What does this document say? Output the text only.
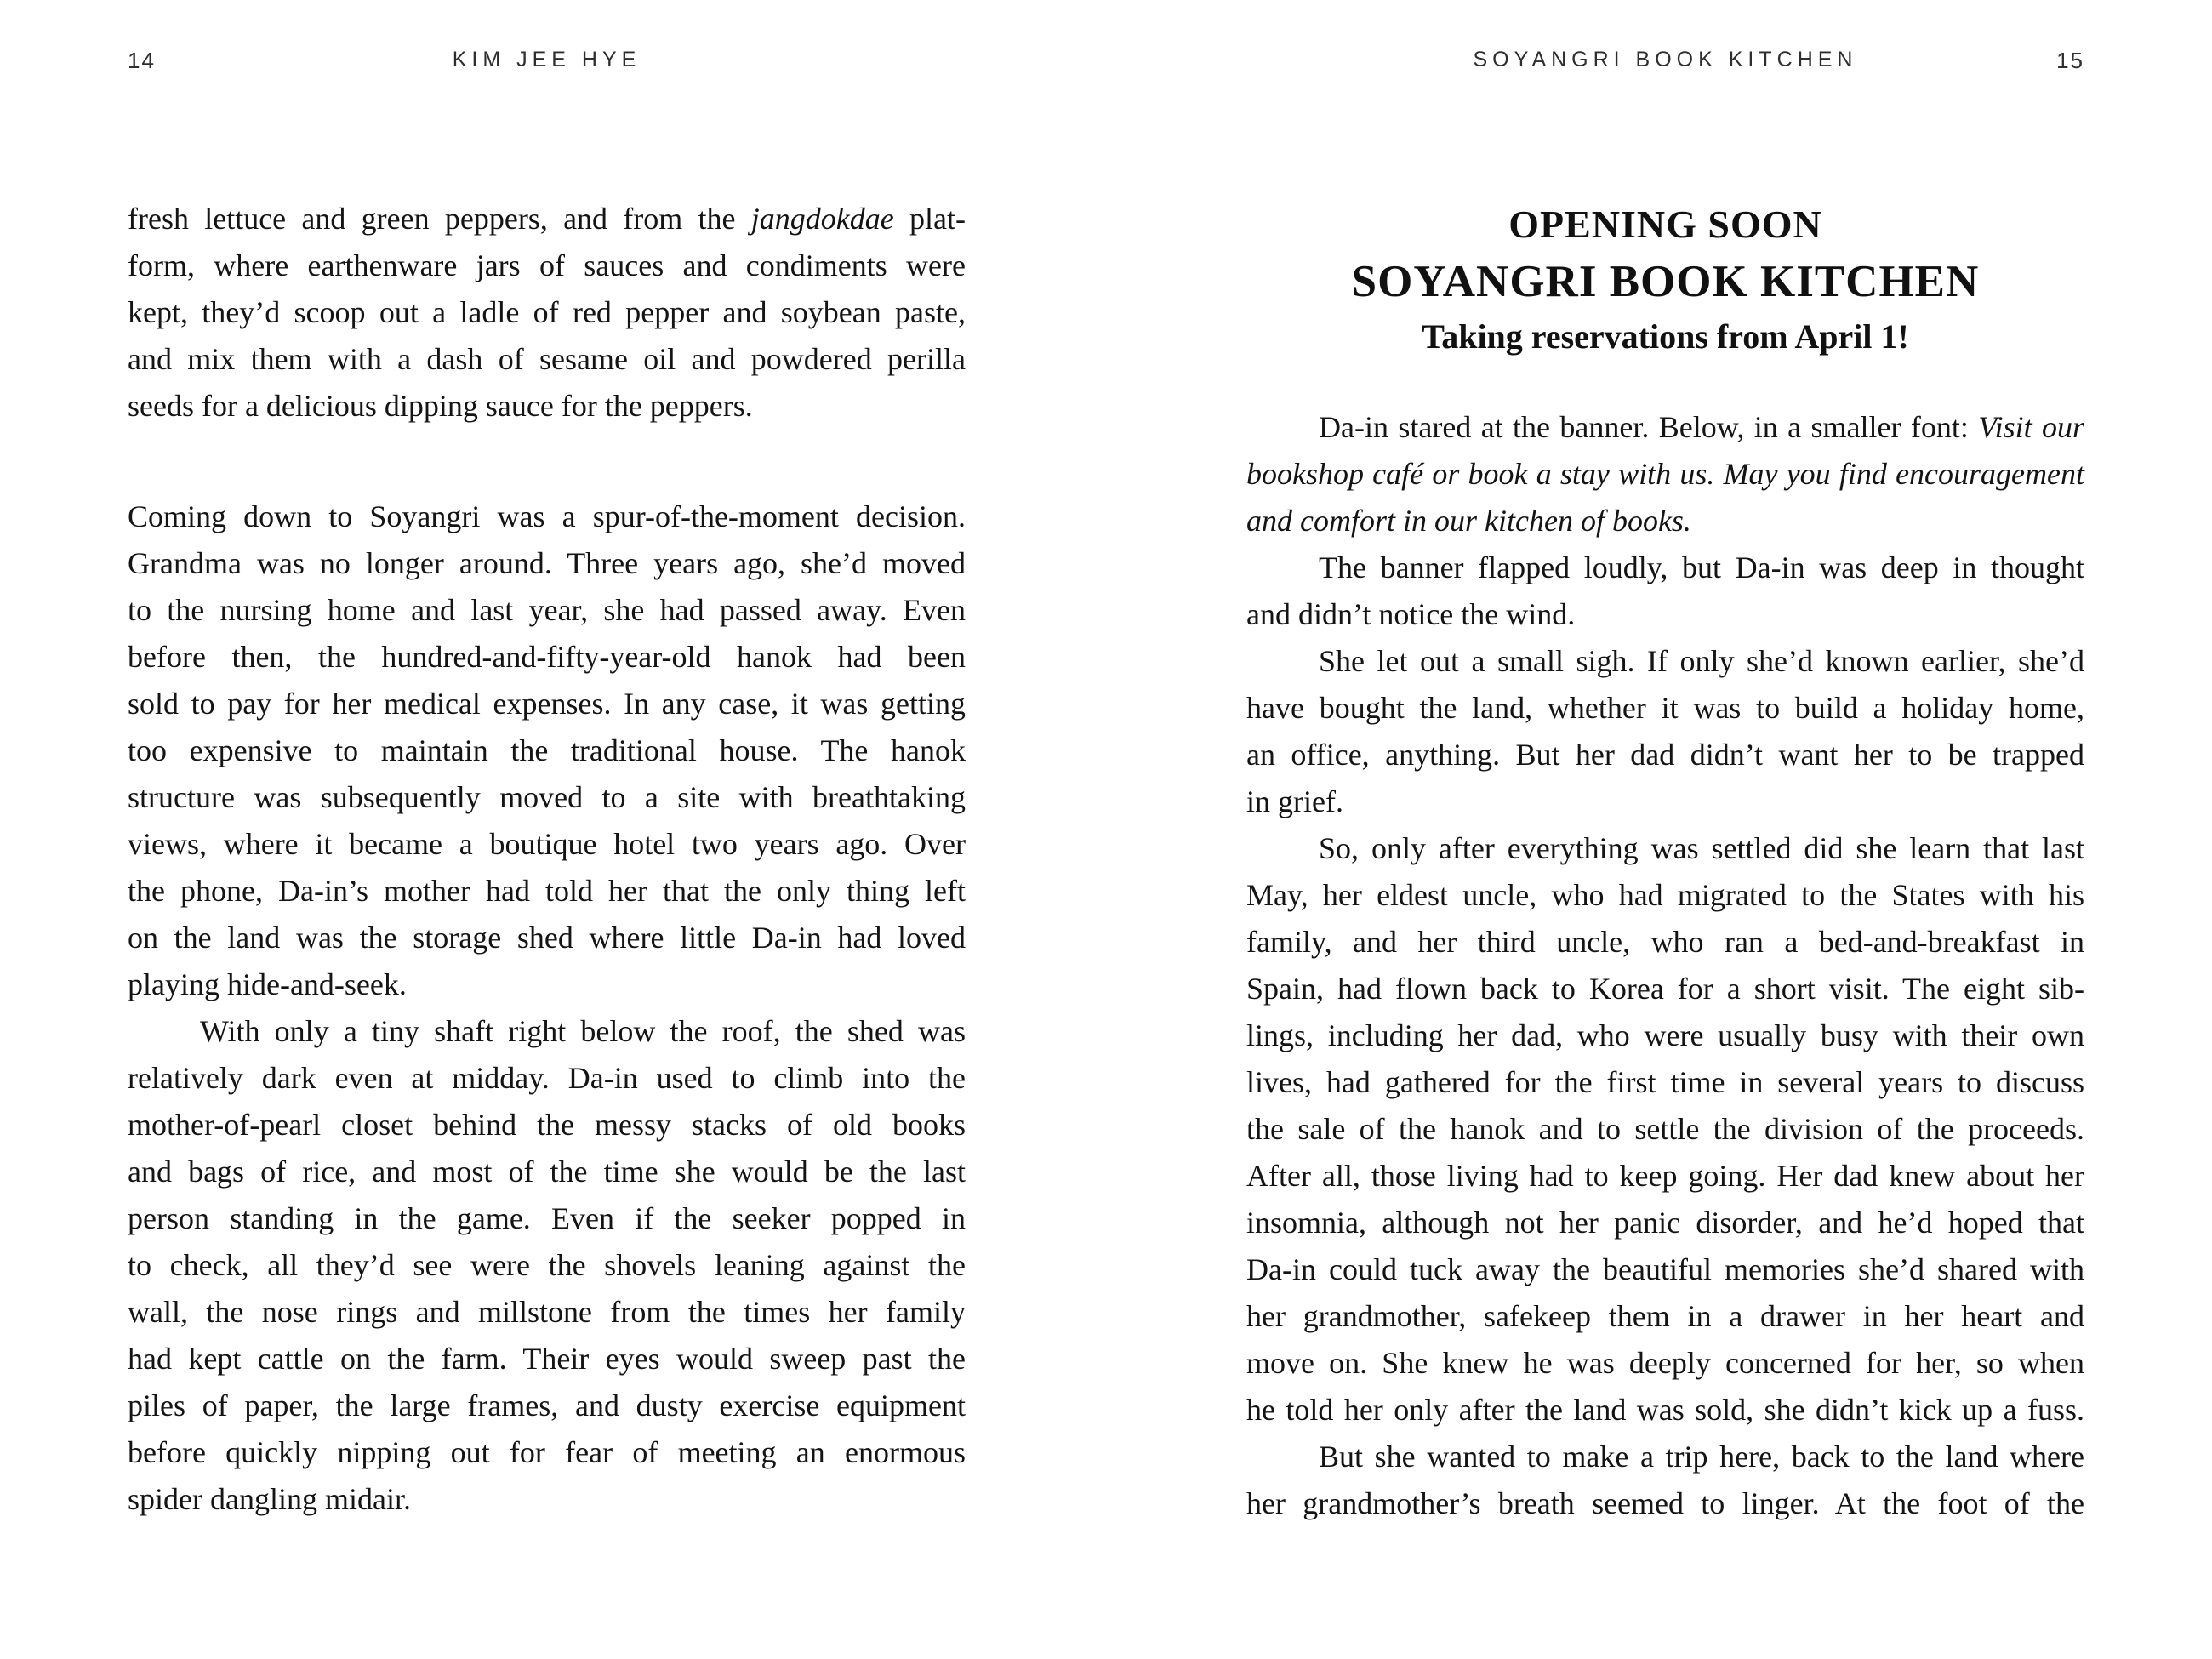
14	KIM JEE HYE
fresh lettuce and green peppers, and from the jangdokdae plat-
form, where earthenware jars of sauces and condiments were
kept, they’d scoop out a ladle of red pepper and soybean paste,
and mix them with a dash of sesame oil and powdered perilla
seeds for a delicious dipping sauce for the peppers.
Coming down to Soyangri was a spur-of-the-moment decision.
Grandma was no longer around. Three years ago, she’d moved
to the nursing home and last year, she had passed away. Even
before then, the hundred-and-fifty-year-old hanok had been
sold to pay for her medical expenses. In any case, it was getting
too expensive to maintain the traditional house. The hanok
structure was subsequently moved to a site with breathtaking
views, where it became a boutique hotel two years ago. Over
the phone, Da-in’s mother had told her that the only thing left
on the land was the storage shed where little Da-in had loved
playing hide-and-seek.
With only a tiny shaft right below the roof, the shed was
relatively dark even at midday. Da-in used to climb into the
mother-of-pearl closet behind the messy stacks of old books
and bags of rice, and most of the time she would be the last
person standing in the game. Even if the seeker popped in
to check, all they’d see were the shovels leaning against the
wall, the nose rings and millstone from the times her family
had kept cattle on the farm. Their eyes would sweep past the
piles of paper, the large frames, and dusty exercise equipment
before quickly nipping out for fear of meeting an enormous
spider dangling midair.
SOYANGRI BOOK KITCHEN	15
OPENING SOON
SOYANGRI BOOK KITCHEN
Taking reservations from April 1!
Da-in stared at the banner. Below, in a smaller font: Visit our
bookshop café or book a stay with us. May you find encouragement
and comfort in our kitchen of books.
The banner flapped loudly, but Da-in was deep in thought
and didn’t notice the wind.
She let out a small sigh. If only she’d known earlier, she’d
have bought the land, whether it was to build a holiday home,
an office, anything. But her dad didn’t want her to be trapped
in grief.
So, only after everything was settled did she learn that last
May, her eldest uncle, who had migrated to the States with his
family, and her third uncle, who ran a bed-and-breakfast in
Spain, had flown back to Korea for a short visit. The eight sib-
lings, including her dad, who were usually busy with their own
lives, had gathered for the first time in several years to discuss
the sale of the hanok and to settle the division of the proceeds.
After all, those living had to keep going. Her dad knew about her
insomnia, although not her panic disorder, and he’d hoped that
Da-in could tuck away the beautiful memories she’d shared with
her grandmother, safekeep them in a drawer in her heart and
move on. She knew he was deeply concerned for her, so when
he told her only after the land was sold, she didn’t kick up a fuss.
But she wanted to make a trip here, back to the land where
her grandmother’s breath seemed to linger. At the foot of the
